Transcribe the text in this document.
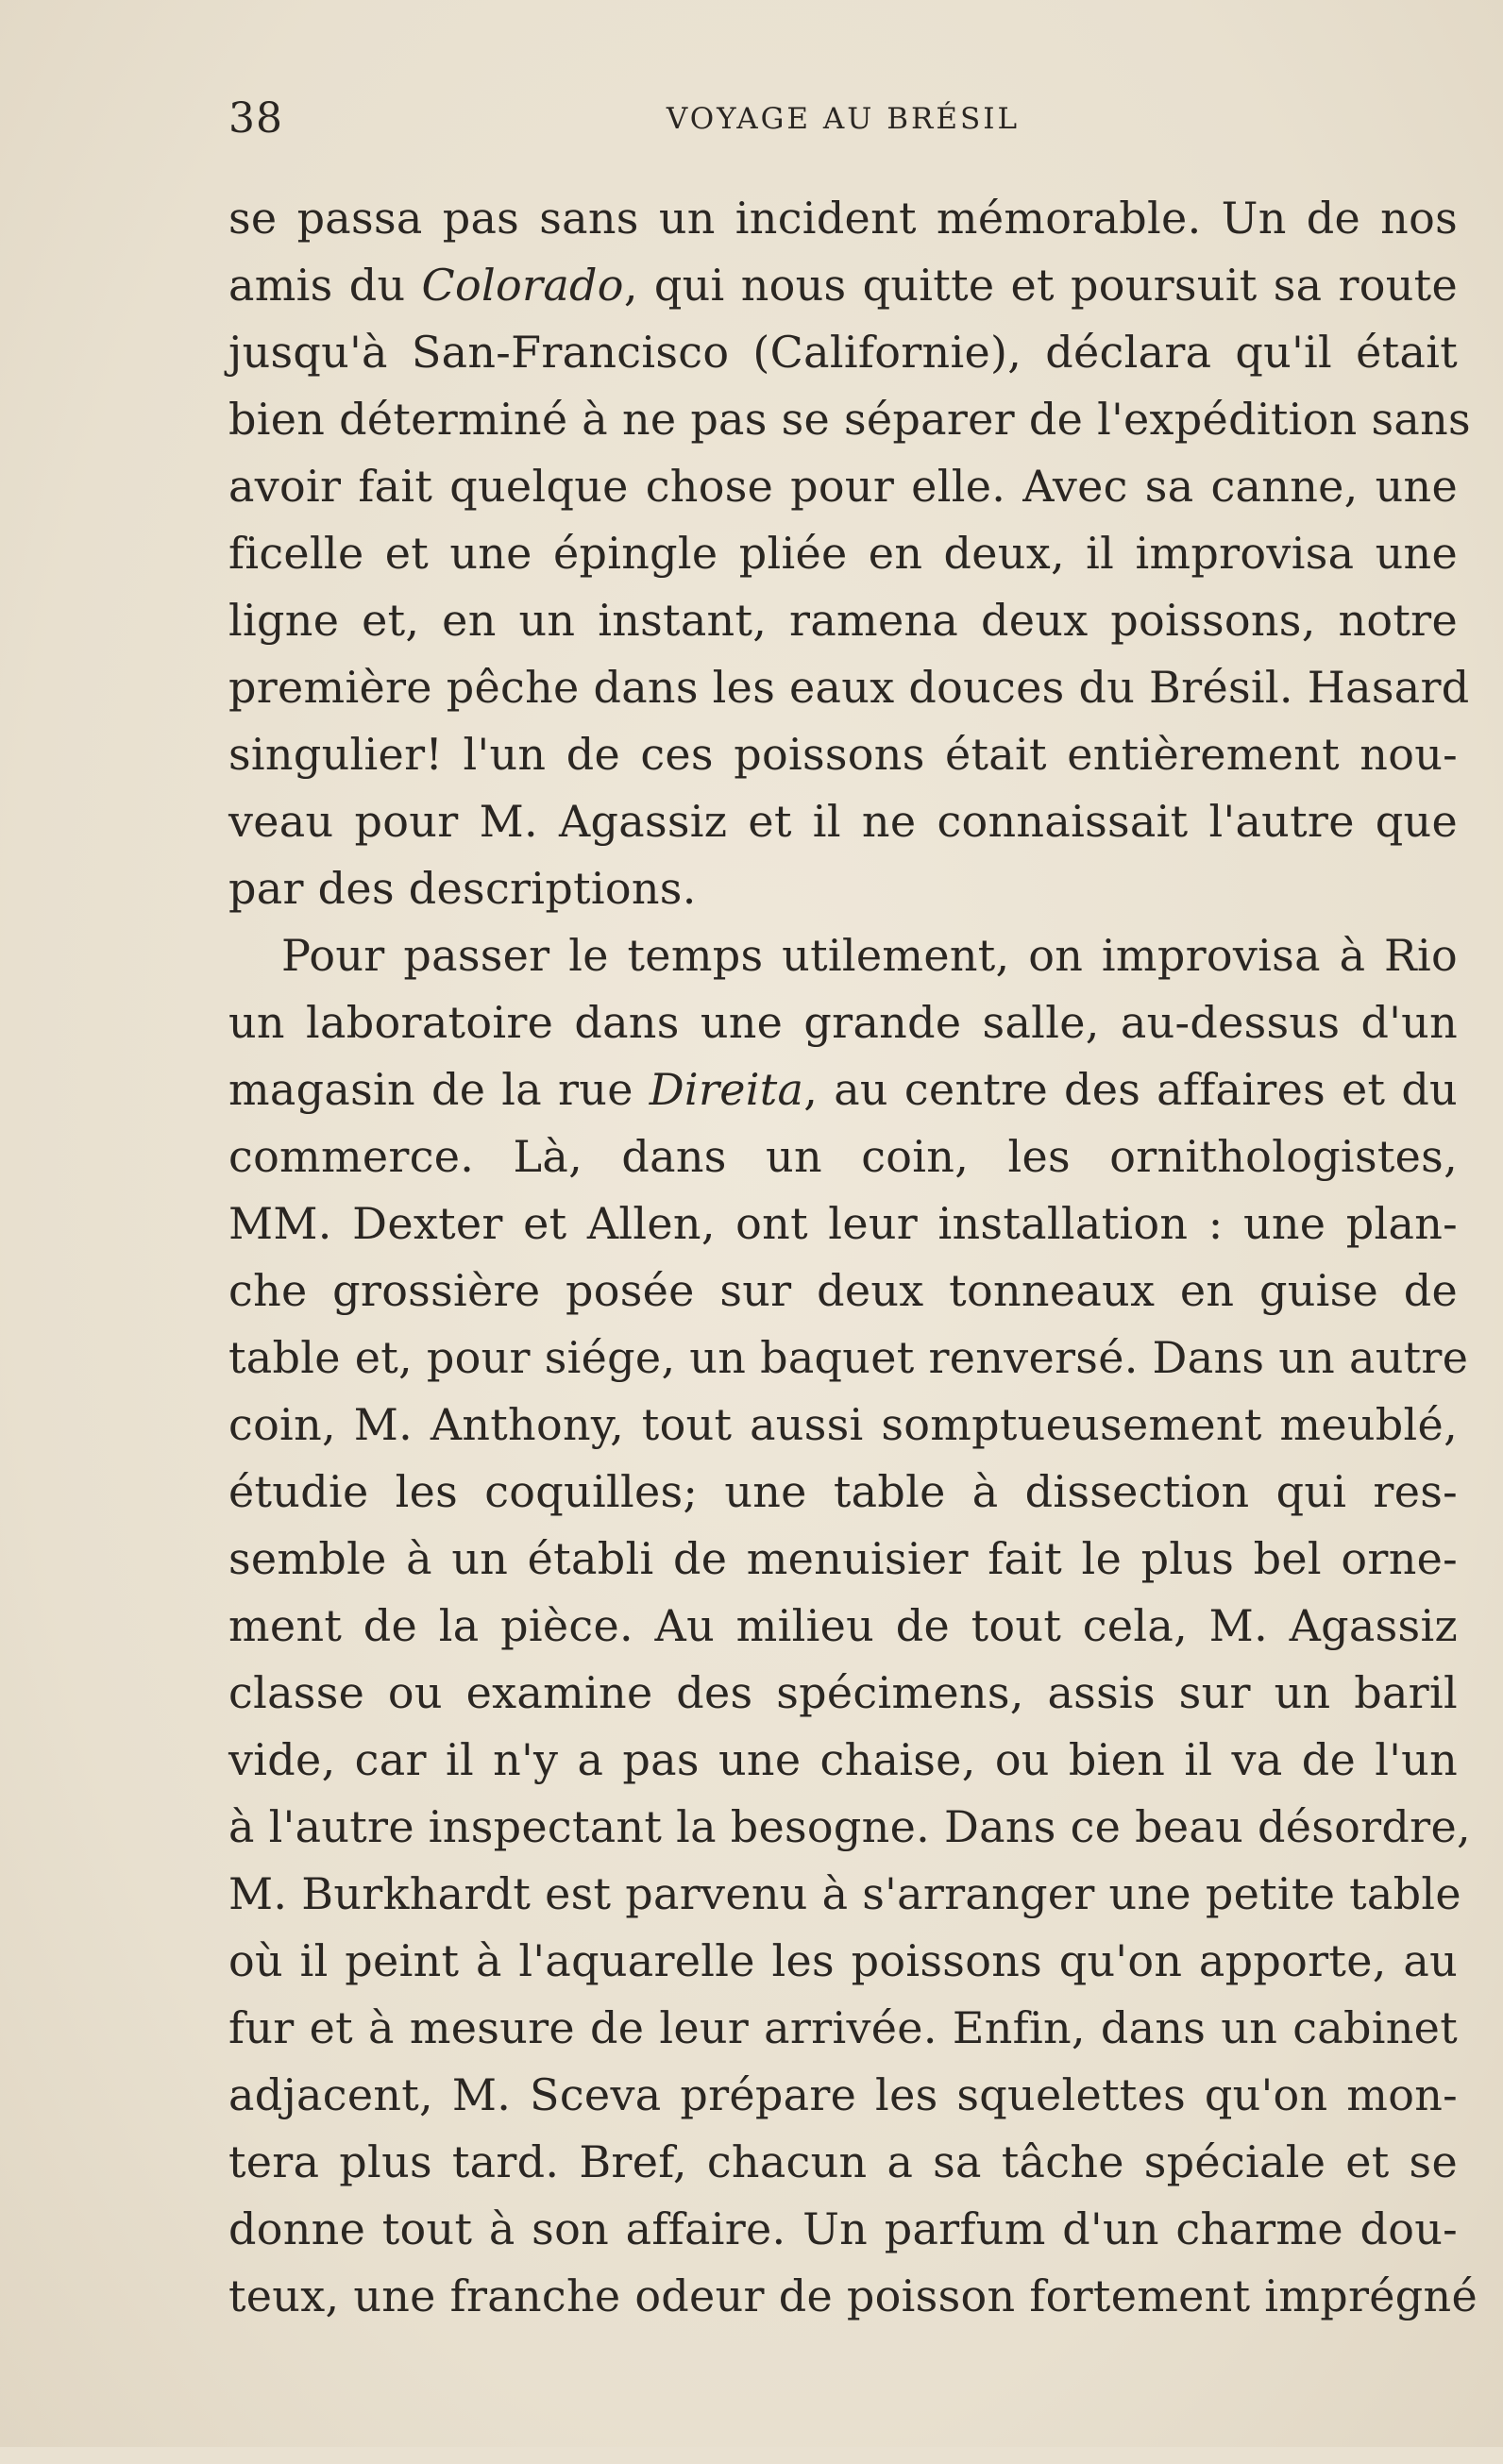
38	VOYAGE AU BRÉSIL
se passa pas sans un incident mémorable. Un de nos
amis du Colorado, qui nous quitte et poursuit sa route
jusqu'à San-Francisco (Californie), déclara qu'il était
bien déterminé à ne pas se séparer de l'expédition sans
avoir fait quelque chose pour elle. Avec sa canne, une
ficelle et une épingle pliée en deux, il improvisa une
ligne et, en un instant, ramena deux poissons, notre
première pêche dans les eaux douces du Brésil. Hasard
singulier! l'un de ces poissons était entièrement nou-
veau pour M. Agassiz et il ne connaissait l'autre que
par des descriptions.
Pour passer le temps utilement, on improvisa à Rio
un laboratoire dans une grande salle, au-dessus d'un
magasin de la rue Direita, au centre des affaires et du
commerce. Là, dans un coin, les ornithologistes,
MM. Dexter et Allen, ont leur installation : une plan-
che grossière posée sur deux tonneaux en guise de
table et, pour siége, un baquet renversé. Dans un autre
coin, M. Anthony, tout aussi somptueusement meublé,
étudie les coquilles; une table à dissection qui res-
semble à un établi de menuisier fait le plus bel orne-
ment de la pièce. Au milieu de tout cela, M. Agassiz
classe ou examine des spécimens, assis sur un baril
vide, car il n'y a pas une chaise, ou bien il va de l'un
à l'autre inspectant la besogne. Dans ce beau désordre,
M. Burkhardt est parvenu à s'arranger une petite table
où il peint à l'aquarelle les poissons qu'on apporte, au
fur et à mesure de leur arrivée. Enfin, dans un cabinet
adjacent, M. Sceva prépare les squelettes qu'on mon-
tera plus tard. Bref, chacun a sa tâche spéciale et se
donne tout à son affaire. Un parfum d'un charme dou-
teux, une franche odeur de poisson fortement imprégné
